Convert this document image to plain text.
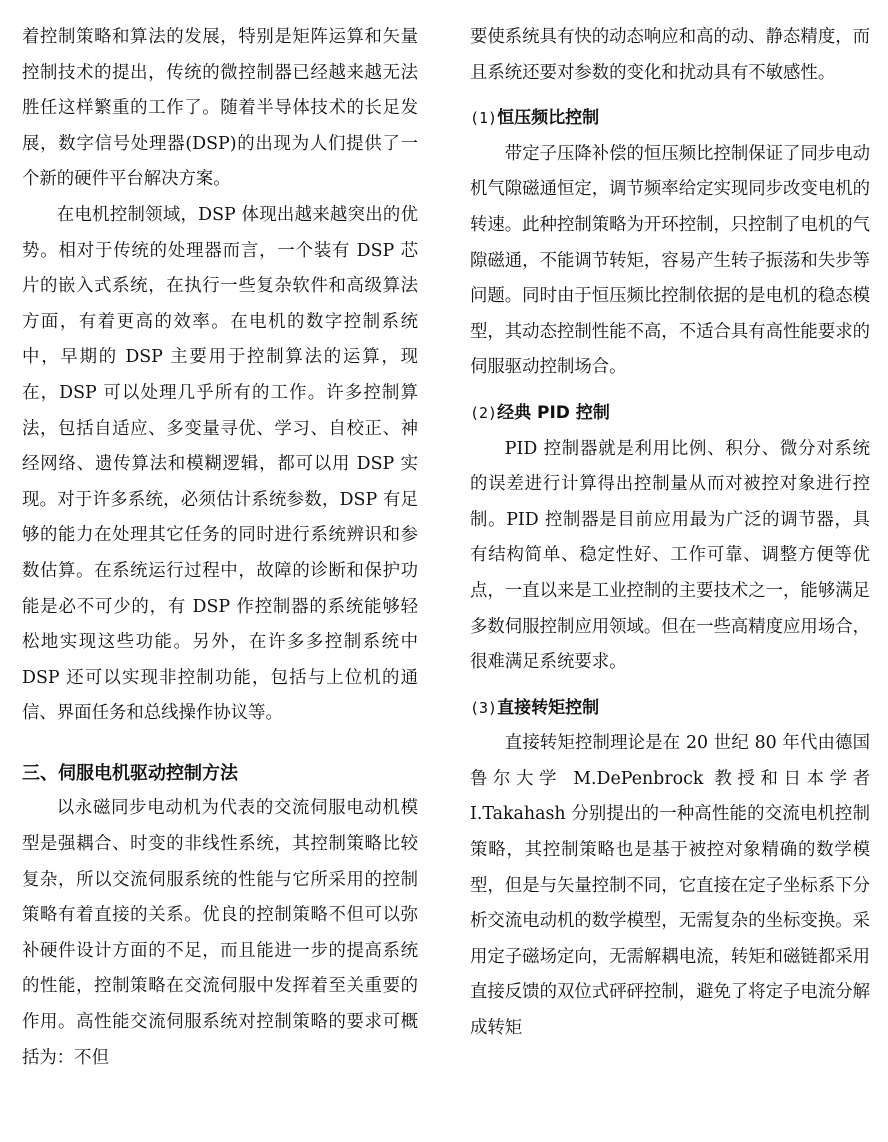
着控制策略和算法的发展，特别是矩阵运算和矢量控制技术的提出，传统的微控制器已经越来越无法胜任这样繁重的工作了。随着半导体技术的长足发展，数字信号处理器(DSP)的出现为人们提供了一个新的硬件平台解决方案。

在电机控制领域，DSP 体现出越来越突出的优势。相对于传统的处理器而言，一个装有 DSP 芯片的嵌入式系统，在执行一些复杂软件和高级算法方面，有着更高的效率。在电机的数字控制系统中，早期的 DSP 主要用于控制算法的运算，现在，DSP 可以处理几乎所有的工作。许多控制算法，包括自适应、多变量寻优、学习、自校正、神经网络、遗传算法和模糊逻辑，都可以用 DSP 实现。对于许多系统，必须估计系统参数，DSP 有足够的能力在处理其它任务的同时进行系统辨识和参数估算。在系统运行过程中，故障的诊断和保护功能是必不可少的，有 DSP 作控制器的系统能够轻松地实现这些功能。另外，在许多多控制系统中 DSP 还可以实现非控制功能，包括与上位机的通信、界面任务和总线操作协议等。

三、伺服电机驱动控制方法

以永磁同步电动机为代表的交流伺服电动机模型是强耦合、时变的非线性系统，其控制策略比较复杂，所以交流伺服系统的性能与它所采用的控制策略有着直接的关系。优良的控制策略不但可以弥补硬件设计方面的不足，而且能进一步的提高系统的性能，控制策略在交流伺服中发挥着至关重要的作用。高性能交流伺服系统对控制策略的要求可概括为：不但

要使系统具有快的动态响应和高的动、静态精度，而且系统还要对参数的变化和扰动具有不敏感性。

(1)恒压频比控制

带定子压降补偿的恒压频比控制保证了同步电动机气隙磁通恒定，调节频率给定实现同步改变电机的转速。此种控制策略为开环控制，只控制了电机的气隙磁通，不能调节转矩，容易产生转子振荡和失步等问题。同时由于恒压频比控制依据的是电机的稳态模型，其动态控制性能不高，不适合具有高性能要求的伺服驱动控制场合。

(2)经典 PID 控制

PID 控制器就是利用比例、积分、微分对系统的误差进行计算得出控制量从而对被控对象进行控制。PID 控制器是目前应用最为广泛的调节器，具有结构简单、稳定性好、工作可靠、调整方便等优点，一直以来是工业控制的主要技术之一，能够满足多数伺服控制应用领域。但在一些高精度应用场合，很难满足系统要求。

(3)直接转矩控制

直接转矩控制理论是在 20 世纪 80 年代由德国鲁尔大学 M.DePenbrock 教授和日本学者 I.Takahash 分别提出的一种高性能的交流电机控制策略，其控制策略也是基于被控对象精确的数学模型，但是与矢量控制不同，它直接在定子坐标系下分析交流电动机的数学模型，无需复杂的坐标变换。采用定子磁场定向，无需解耦电流，转矩和磁链都采用直接反馈的双位式砰砰控制，避免了将定子电流分解成转矩
